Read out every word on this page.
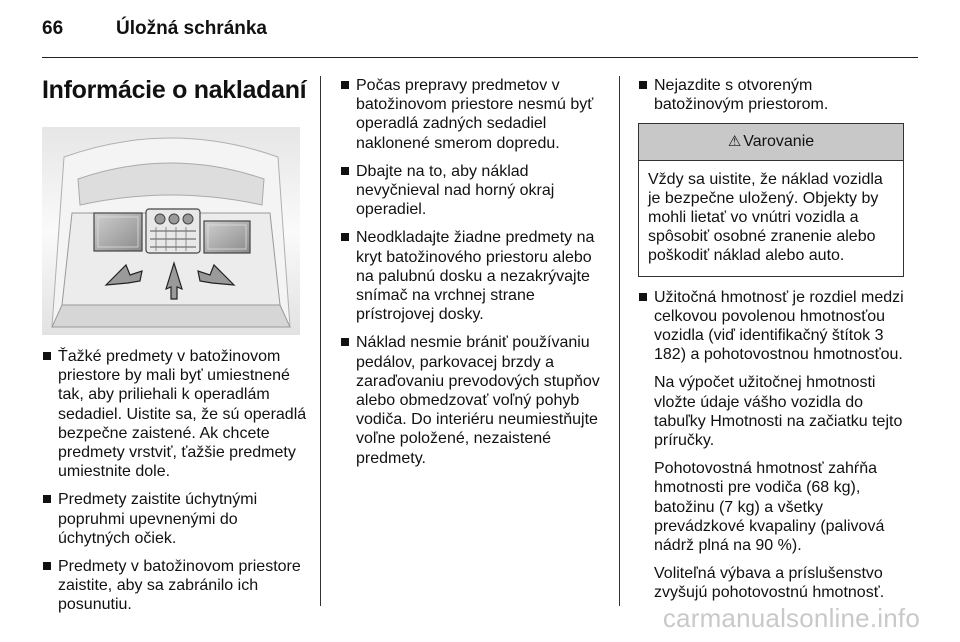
66	Úložná schránka
Informácie o nakladaní
Ťažké predmety v batožinovom priestore by mali byť umiestnené tak, aby priliehali k operadlám sedadiel. Uistite sa, že sú operadlá bezpečne zaistené. Ak chcete predmety vrstviť, ťažšie predmety umiestnite dole.
Predmety zaistite úchytnými popruhmi upevnenými do úchytných očiek.
Predmety v batožinovom priestore zaistite, aby sa zabránilo ich posunutiu.
Počas prepravy predmetov v batožinovom priestore nesmú byť operadlá zadných sedadiel naklonené smerom dopredu.
Dbajte na to, aby náklad nevyčnieval nad horný okraj operadiel.
Neodkladajte žiadne predmety na kryt batožinového priestoru alebo na palubnú dosku a nezakrývajte snímač na vrchnej strane prístrojovej dosky.
Náklad nesmie brániť používaniu pedálov, parkovacej brzdy a zaraďovaniu prevodových stupňov alebo obmedzovať voľný pohyb vodiča. Do interiéru neumiestňujte voľne položené, nezaistené predmety.
Nejazdite s otvoreným batožinovým priestorom.
⚠ Varovanie
Vždy sa uistite, že náklad vozidla je bezpečne uložený. Objekty by mohli lietať vo vnútri vozidla a spôsobiť osobné zranenie alebo poškodiť náklad alebo auto.
Užitočná hmotnosť je rozdiel medzi celkovou povolenou hmotnosťou vozidla (viď identifikačný štítok 3 182) a pohotovostnou hmotnosťou.
Na výpočet užitočnej hmotnosti vložte údaje vášho vozidla do tabuľky Hmotnosti na začiatku tejto príručky.
Pohotovostná hmotnosť zahŕňa hmotnosti pre vodiča (68 kg), batožinu (7 kg) a všetky prevádzkové kvapaliny (palivová nádrž plná na 90 %).
Voliteľná výbava a príslušenstvo zvyšujú pohotovostnú hmotnosť.
carmanualsonline.info
